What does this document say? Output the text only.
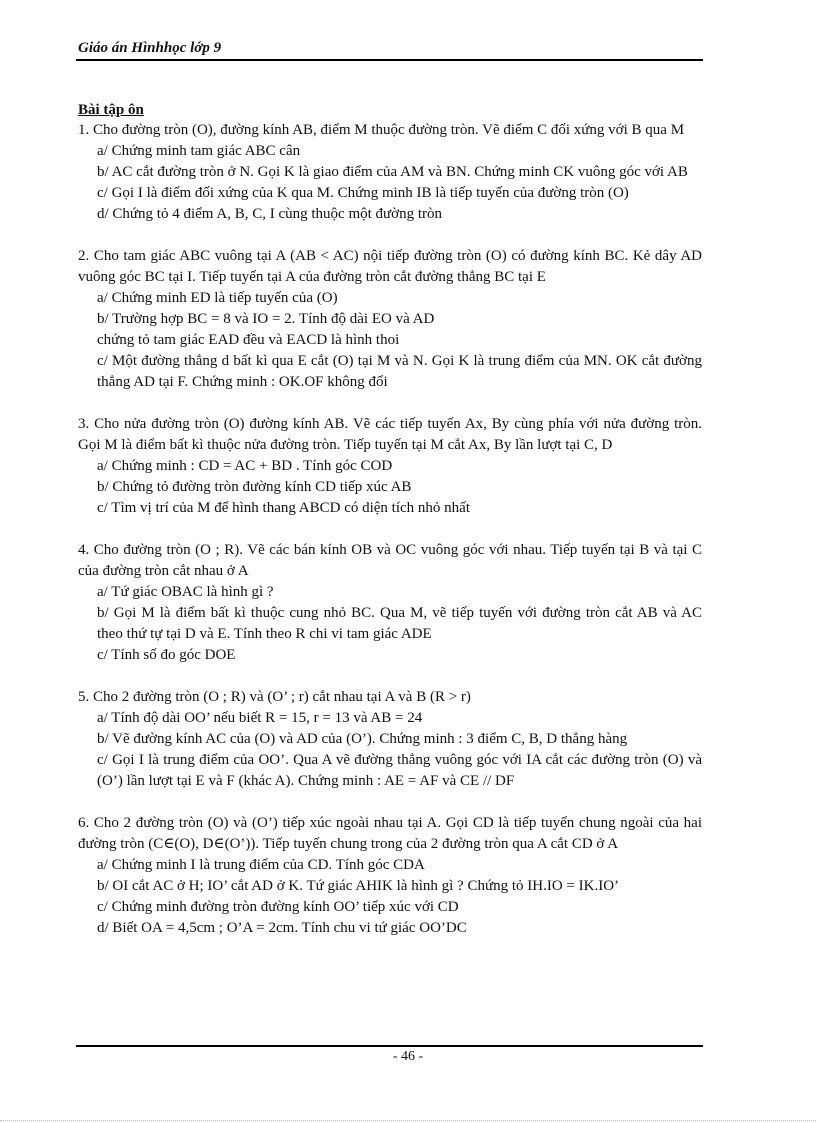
Giáo án Hìnhhọc lớp 9
Bài tập ôn
1. Cho đường tròn (O), đường kính AB, điểm M thuộc đường tròn. Vẽ điểm C đối xứng với B qua M
a/ Chứng minh tam giác ABC cân
b/ AC cắt đường tròn ở N. Gọi K là giao điểm của AM và BN. Chứng minh CK vuông góc với AB
c/ Gọi I là điểm đối xứng của K qua M. Chứng minh IB là tiếp tuyến của đường tròn (O)
d/ Chứng tỏ 4 điểm A, B, C, I cùng thuộc một đường tròn
2. Cho tam giác ABC vuông tại A (AB < AC) nội tiếp đường tròn (O) có đường kính BC. Kẻ dây AD vuông góc BC tại I. Tiếp tuyến tại A của đường tròn cắt đường thẳng BC tại E
a/ Chứng minh ED là tiếp tuyến của (O)
b/ Trường hợp BC = 8 và IO = 2. Tính độ dài EO và AD
chứng tỏ tam giác EAD đều và EACD là hình thoi
c/ Một đường thẳng d bất kì qua E cắt (O) tại M và N. Gọi K là trung điểm của MN. OK cắt đường thẳng AD tại F. Chứng minh : OK.OF không đổi
3. Cho nửa đường tròn (O) đường kính AB. Vẽ các tiếp tuyến Ax, By cùng phía với nửa đường tròn. Gọi M là điểm bất kì thuộc nửa đường tròn. Tiếp tuyến tại M cắt Ax, By lần lượt tại C, D
a/ Chứng minh : CD = AC + BD . Tính góc COD
b/ Chứng tỏ đường tròn đường kính CD tiếp xúc AB
c/ Tìm vị trí của M để hình thang ABCD có diện tích nhỏ nhất
4. Cho đường tròn (O ; R). Vẽ các bán kính OB và OC vuông góc với nhau. Tiếp tuyến tại B và tại C của đường tròn cắt nhau ở A
a/ Tứ giác OBAC là hình gì ?
b/ Gọi M là điểm bất kì thuộc cung nhỏ BC. Qua M, vẽ tiếp tuyến với đường tròn cắt AB và AC theo thứ tự tại D và E. Tính theo R chi vi tam giác ADE
c/ Tính số đo góc DOE
5. Cho 2 đường tròn (O ; R) và (O’ ; r) cắt nhau tại A và B (R > r)
a/ Tính độ dài OO’ nếu biết R = 15, r = 13 và AB = 24
b/ Vẽ đường kính AC của (O) và AD của (O’). Chứng minh : 3 điểm C, B, D thẳng hàng
c/ Gọi I là trung điểm của OO’. Qua A vẽ đường thẳng vuông góc với IA cắt các đường tròn (O) và (O’) lần lượt tại E và F (khác A). Chứng minh : AE = AF và CE // DF
6. Cho 2 đường tròn (O) và (O’) tiếp xúc ngoài nhau tại A. Gọi CD là tiếp tuyến chung ngoài của hai đường tròn (C∈(O), D∈(O’)). Tiếp tuyến chung trong của 2 đường tròn qua A cắt CD ở A
a/ Chứng minh I là trung điểm của CD. Tính góc CDA
b/ OI cắt AC ở H; IO’ cắt AD ở K. Tứ giác AHIK là hình gì ? Chứng tỏ IH.IO = IK.IO’
c/ Chứng minh đường tròn đường kính OO’ tiếp xúc với CD
d/ Biết OA = 4,5cm ; O’A = 2cm. Tính chu vi tứ giác OO’DC
- 46 -
